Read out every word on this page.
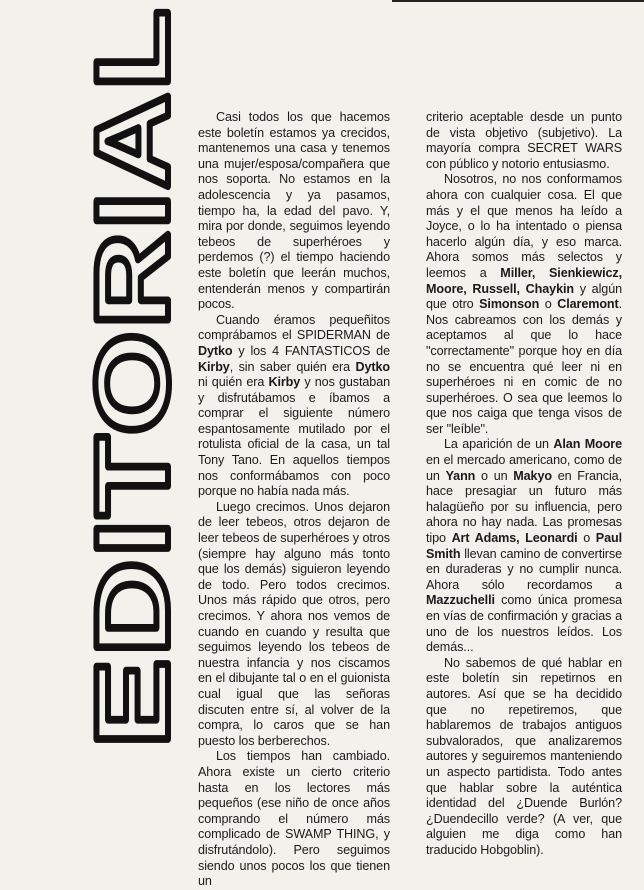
EDITORIAL

Casi todos los que hacemos este boletín estamos ya crecidos, mantenemos una casa y tenemos una mujer/esposa/compañera que nos soporta. No estamos en la adolescencia y ya pasamos, tiempo ha, la edad del pavo. Y, mira por donde, seguimos leyendo tebeos de superhéroes y perdemos (?) el tiempo haciendo este boletín que leerán muchos, entenderán menos y compartirán pocos.

Cuando éramos pequeñitos comprábamos el SPIDERMAN de Dytko y los 4 FANTASTICOS de Kirby, sin saber quién era Dytko ni quién era Kirby y nos gustaban y disfrutábamos e íbamos a comprar el siguiente número espantosamente mutilado por el rotulista oficial de la casa, un tal Tony Tano. En aquellos tiempos nos conformábamos con poco porque no había nada más.

Luego crecimos. Unos dejaron de leer tebeos, otros dejaron de leer tebeos de superhéroes y otros (siempre hay alguno más tonto que los demás) siguieron leyendo de todo. Pero todos crecimos. Unos más rápido que otros, pero crecimos. Y ahora nos vemos de cuando en cuando y resulta que seguimos leyendo los tebeos de nuestra infancia y nos ciscamos en el dibujante tal o en el guionista cual igual que las señoras discuten entre sí, al volver de la compra, lo caros que se han puesto los berberechos.

Los tiempos han cambiado. Ahora existe un cierto criterio hasta en los lectores más pequeños (ese niño de once años comprando el número más complicado de SWAMP THING, y disfrutándolo). Pero seguimos siendo unos pocos los que tienen un

criterio aceptable desde un punto de vista objetivo (subjetivo). La mayoría compra SECRET WARS con público y notorio entusiasmo.

Nosotros, no nos conformamos ahora con cualquier cosa. El que más y el que menos ha leído a Joyce, o lo ha intentado o piensa hacerlo algún día, y eso marca. Ahora somos más selectos y leemos a Miller, Sienkiewicz, Moore, Russell, Chaykin y algún que otro Simonson o Claremont. Nos cabreamos con los demás y aceptamos al que lo hace "correctamente" porque hoy en día no se encuentra qué leer ni en superhéroes ni en comic de no superhéroes. O sea que leemos lo que nos caiga que tenga visos de ser "leíble".

La aparición de un Alan Moore en el mercado americano, como de un Yann o un Makyo en Francia, hace presagiar un futuro más halagüeño por su influencia, pero ahora no hay nada. Las promesas tipo Art Adams, Leonardi o Paul Smith llevan camino de convertirse en duraderas y no cumplir nunca. Ahora sólo recordamos a Mazzuchelli como única promesa en vías de confirmación y gracias a uno de los nuestros leídos. Los demás...

No sabemos de qué hablar en este boletín sin repetirnos en autores. Así que se ha decidido que no repetiremos, que hablaremos de trabajos antiguos subvalorados, que analizaremos autores y seguiremos manteniendo un aspecto partidista. Todo antes que hablar sobre la auténtica identidad del ¿Duende Burlón? ¿Duendecillo verde? (A ver, que alguien me diga como han traducido Hobgoblin).
